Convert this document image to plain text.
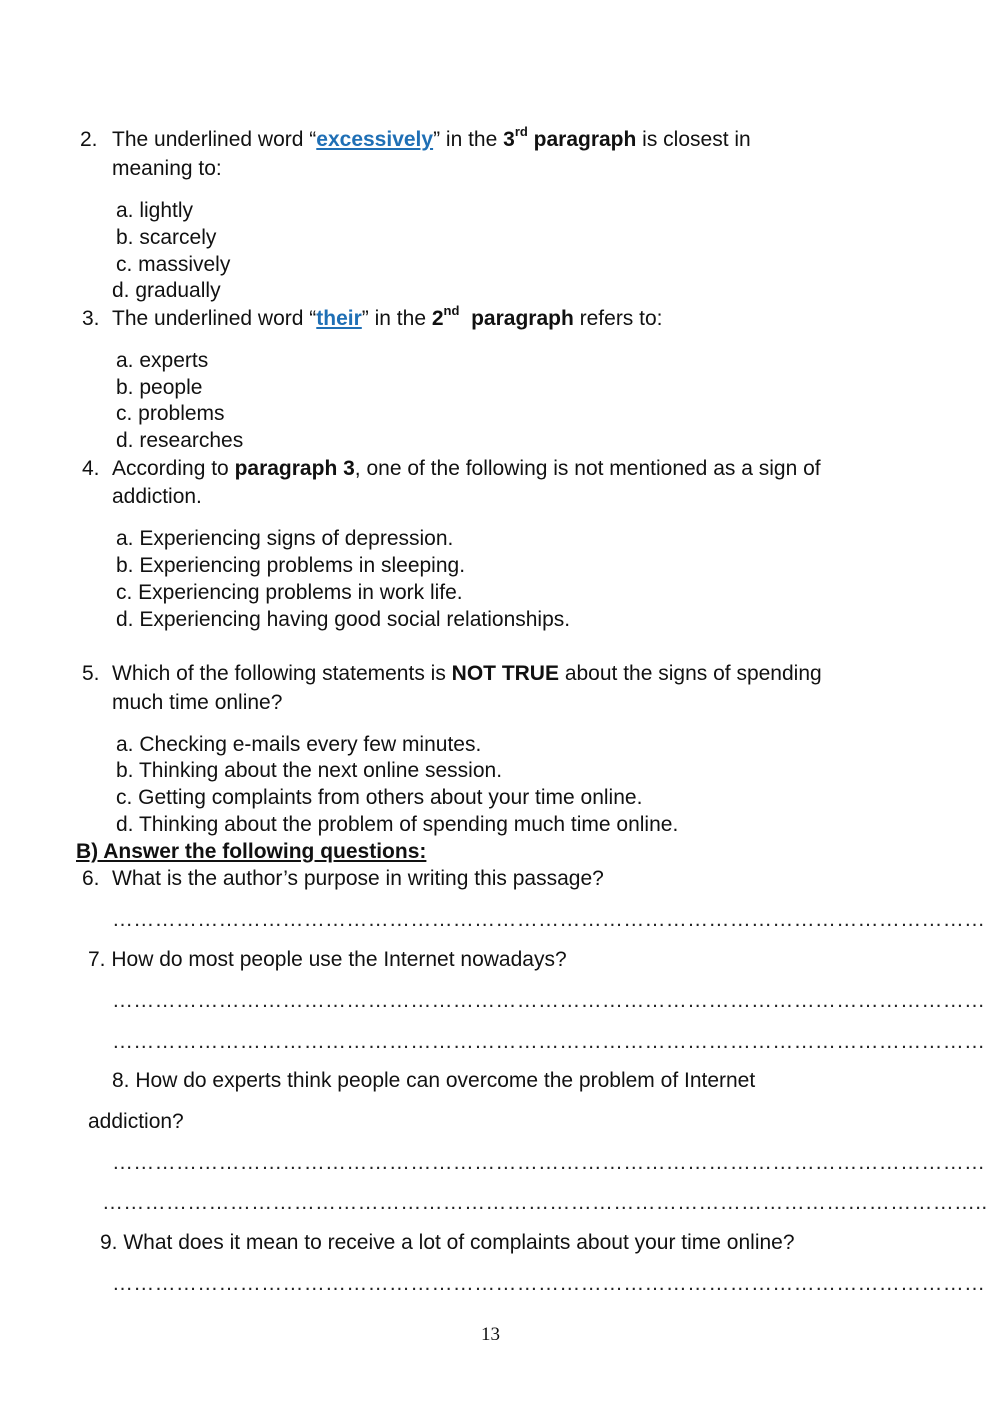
2. The underlined word “excessively” in the 3rd paragraph is closest in
meaning to:
a. lightly
b. scarcely
c. massively
d. gradually
3. The underlined word “their” in the 2nd  paragraph refers to:
a. experts
b. people
c. problems
d. researches
4. According to paragraph 3, one of the following is not mentioned as a sign of
addiction.
a. Experiencing signs of depression.
b. Experiencing problems in sleeping.
c. Experiencing problems in work life.
d. Experiencing having good social relationships.
5. Which of the following statements is NOT TRUE about the signs of spending
much time online?
a. Checking e-mails every few minutes.
b. Thinking about the next online session.
c. Getting complaints from others about your time online.
d. Thinking about the problem of spending much time online.
B) Answer the following questions:
6. What is the author’s purpose in writing this passage?
……………………………………………………………………………………………………………
7. How do most people use the Internet nowadays?
……………………………………………………………………………………………………………
……………………………………………………………………………………………………………
8. How do experts think people can overcome the problem of Internet
addiction?
……………………………………………………………………………………………………………
……………………………………………………………………………………………………………..
9. What does it mean to receive a lot of complaints about your time online?
……………………………………………………………………………………………………………
13
